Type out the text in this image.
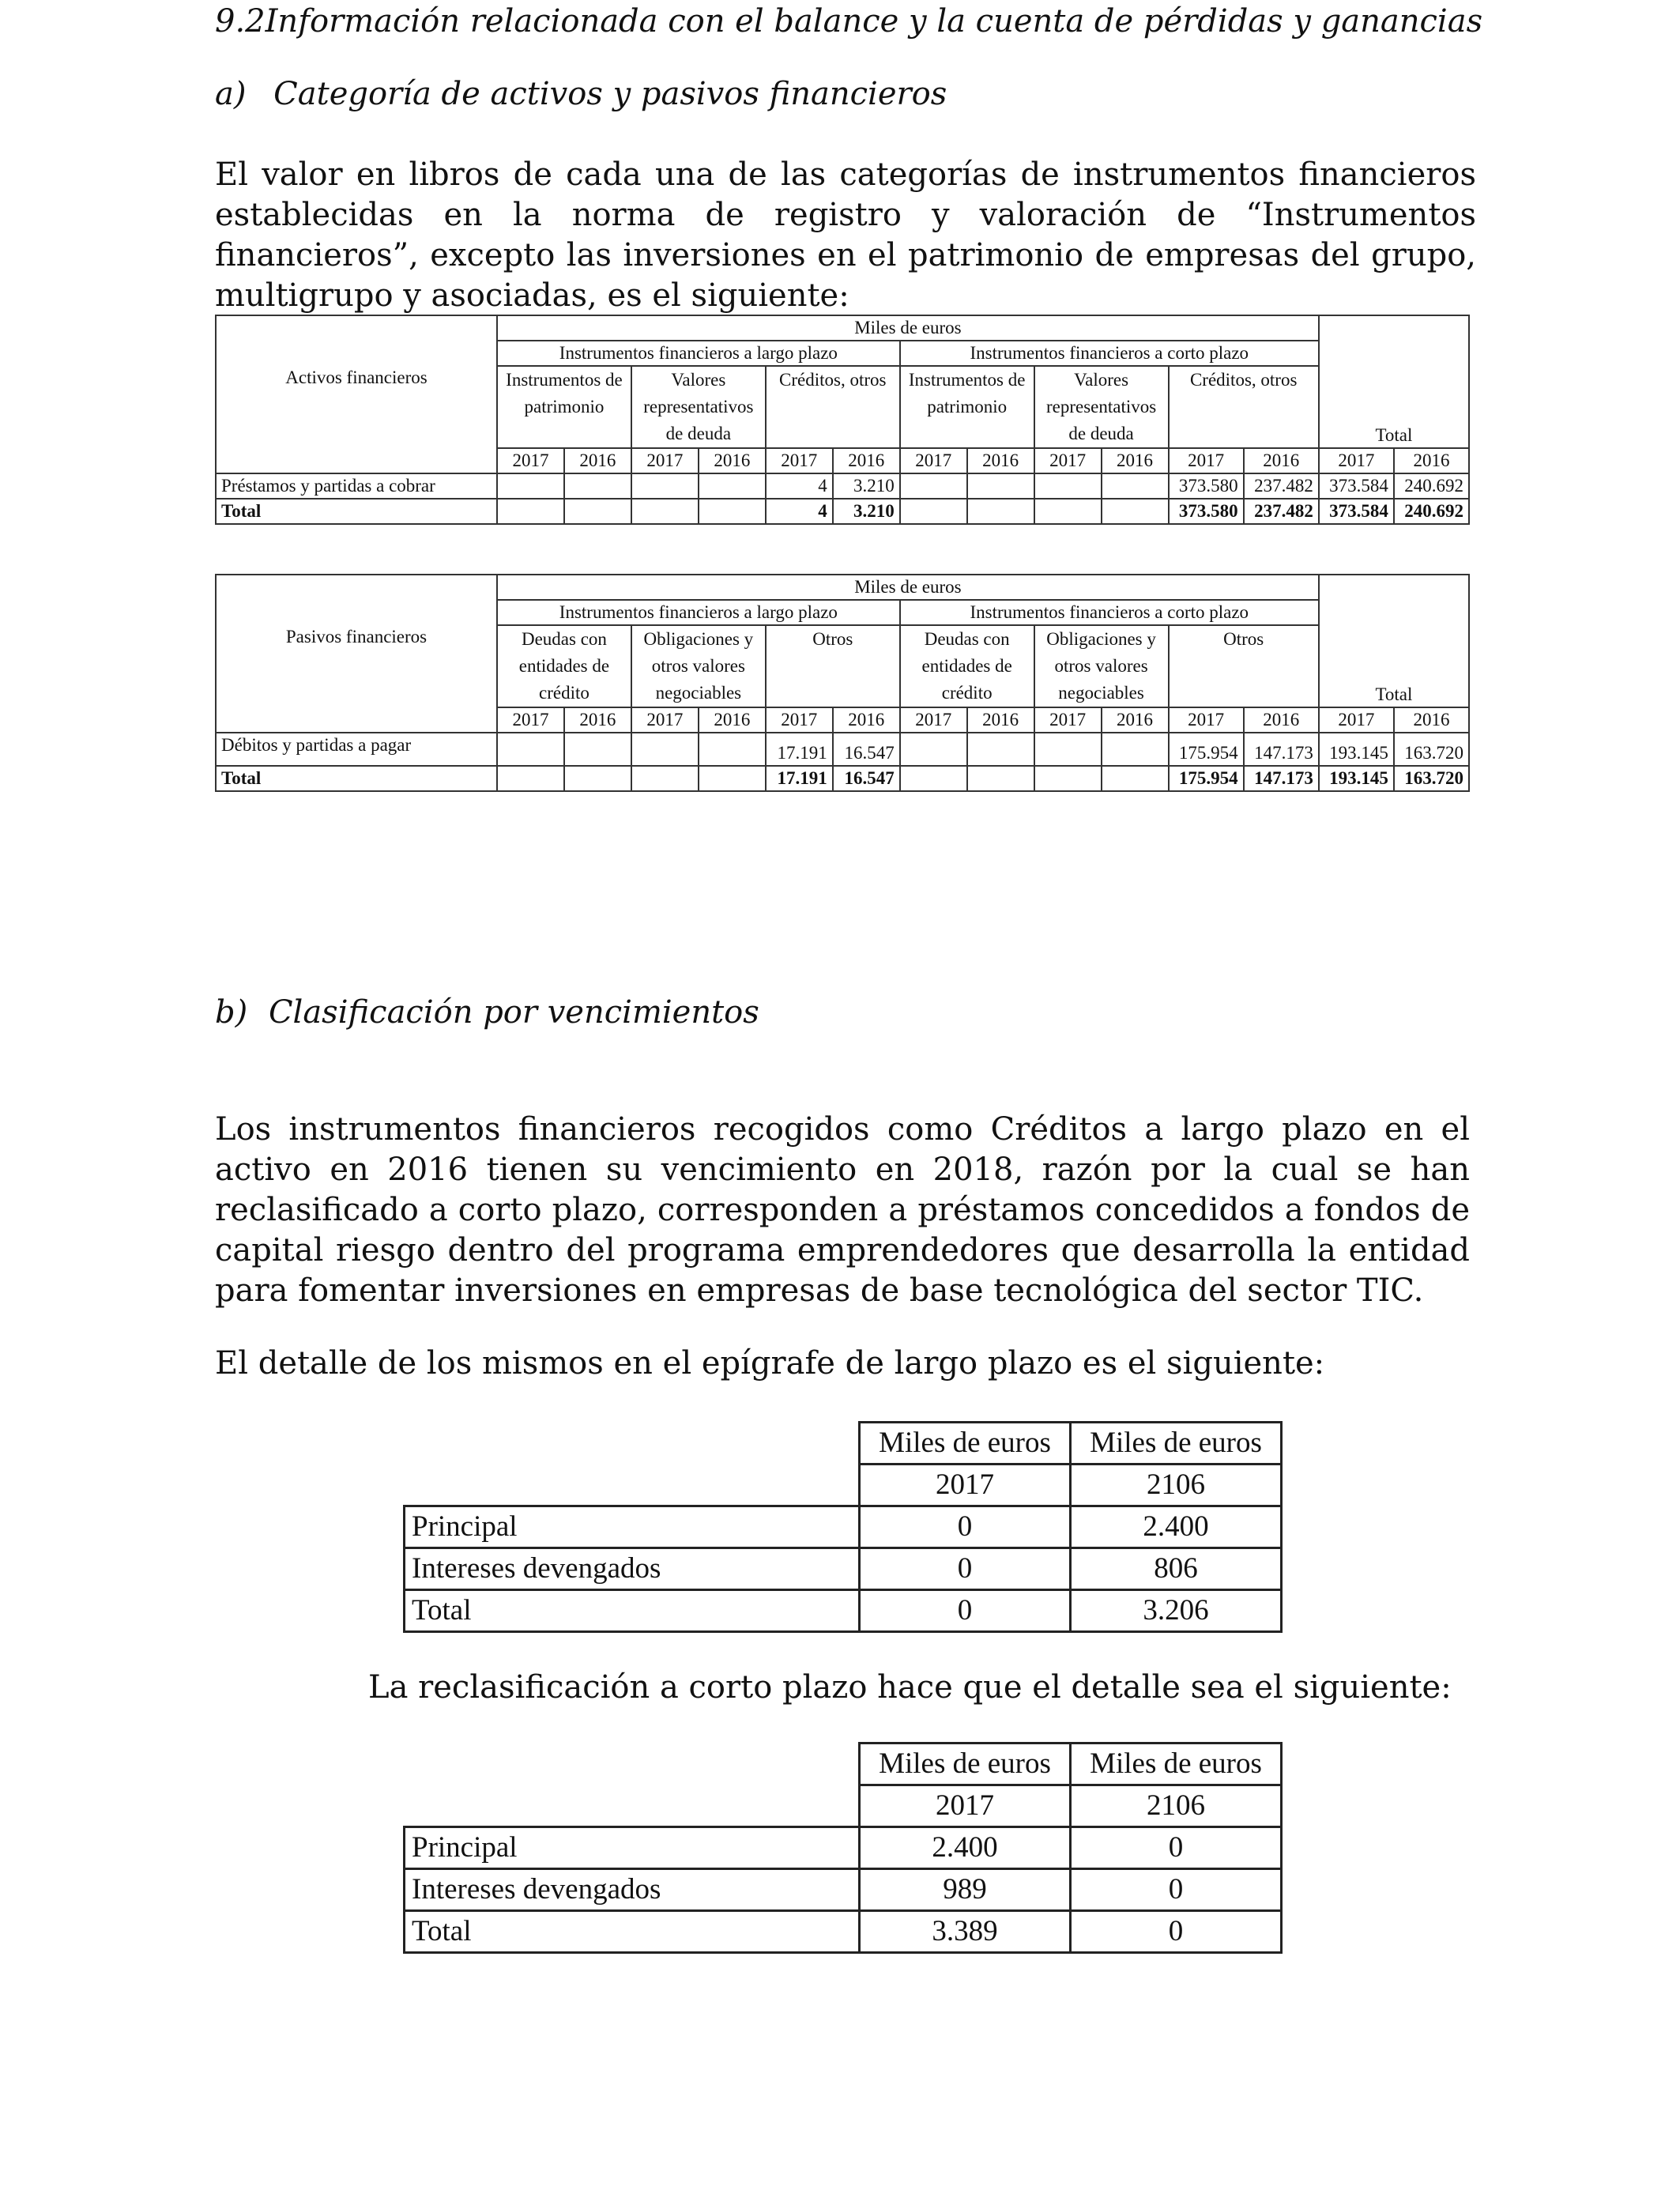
9.2Información relacionada con el balance y la cuenta de pérdidas y ganancias
a) Categoría de activos y pasivos financieros
El valor en libros de cada una de las categorías de instrumentos financieros establecidas en la norma de registro y valoración de “Instrumentos financieros”, excepto las inversiones en el patrimonio de empresas del grupo, multigrupo y asociadas, es el siguiente:
	Miles de euros													
	Instrumentos financieros a largo plazo						Instrumentos financieros a corto plazo							
Activos financieros	Instrumentos de patrimonio		Valores representativos de deuda		Créditos, otros		Instrumentos de patrimonio		Valores representativos de deuda		Créditos, otros			

													Total	
	2017	2016	2017	2016	2017	2016	2017	2016	2017	2016	2017	2016	2017	2016
Préstamos y partidas a cobrar					4	3.210					373.580	237.482	373.584	240.692
Total					4	3.210					373.580	237.482	373.584	240.692
	Miles de euros													
	Instrumentos financieros a largo plazo						Instrumentos financieros a corto plazo							
Pasivos financieros	Deudas con entidades de crédito		Obligaciones y otros valores negociables		Otros		Deudas con entidades de crédito		Obligaciones y otros valores negociables		Otros			

													Total	
	2017	2016	2017	2016	2017	2016	2017	2016	2017	2016	2017	2016	2017	2016
Débitos y partidas a pagar					17.191	16.547					175.954	147.173	193.145	163.720
Total					17.191	16.547					175.954	147.173	193.145	163.720
b) Clasificación por vencimientos
Los instrumentos financieros recogidos como Créditos a largo plazo en el activo en 2016 tienen su vencimiento en 2018, razón por la cual se han reclasificado a corto plazo, corresponden a préstamos concedidos a fondos de capital riesgo dentro del programa emprendedores que desarrolla la entidad para fomentar inversiones en empresas de base tecnológica del sector TIC.
El detalle de los mismos en el epígrafe de largo plazo es el siguiente:
	Miles de euros	Miles de euros
	2017	2106
Principal	0	2.400
Intereses devengados	0	806
Total	0	3.206
La reclasificación a corto plazo hace que el detalle sea el siguiente:
	Miles de euros	Miles de euros
	2017	2106
Principal	2.400	0
Intereses devengados	989	0
Total	3.389	0
